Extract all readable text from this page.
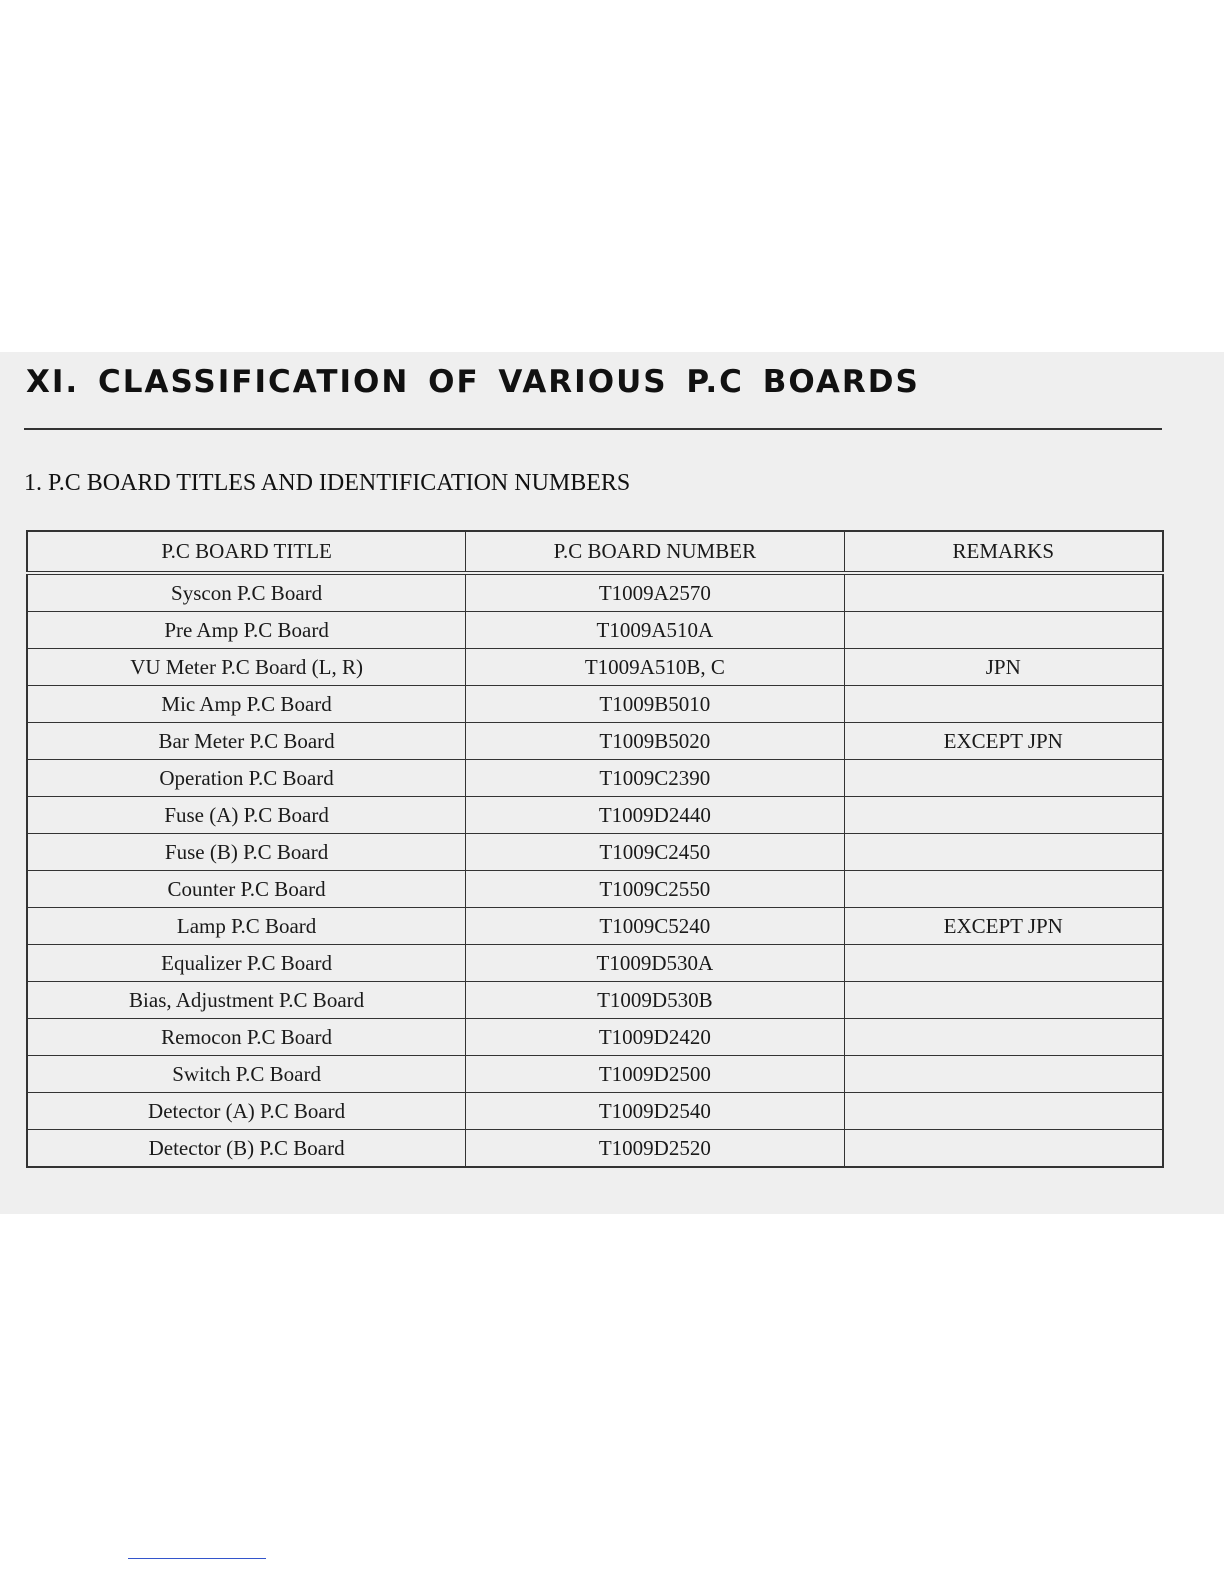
XI. CLASSIFICATION OF VARIOUS P.C BOARDS
1. P.C BOARD TITLES AND IDENTIFICATION NUMBERS
P.C BOARD TITLE	P.C BOARD NUMBER	REMARKS
Syscon P.C Board	T1009A2570	
Pre Amp P.C Board	T1009A510A	
VU Meter P.C Board (L, R)	T1009A510B, C	JPN
Mic Amp P.C Board	T1009B5010	
Bar Meter P.C Board	T1009B5020	EXCEPT JPN
Operation P.C Board	T1009C2390	
Fuse (A) P.C Board	T1009D2440	
Fuse (B) P.C Board	T1009C2450	
Counter P.C Board	T1009C2550	
Lamp P.C Board	T1009C5240	EXCEPT JPN
Equalizer P.C Board	T1009D530A	
Bias, Adjustment P.C Board	T1009D530B	
Remocon P.C Board	T1009D2420	
Switch P.C Board	T1009D2500	
Detector (A) P.C Board	T1009D2540	
Detector (B) P.C Board	T1009D2520	
